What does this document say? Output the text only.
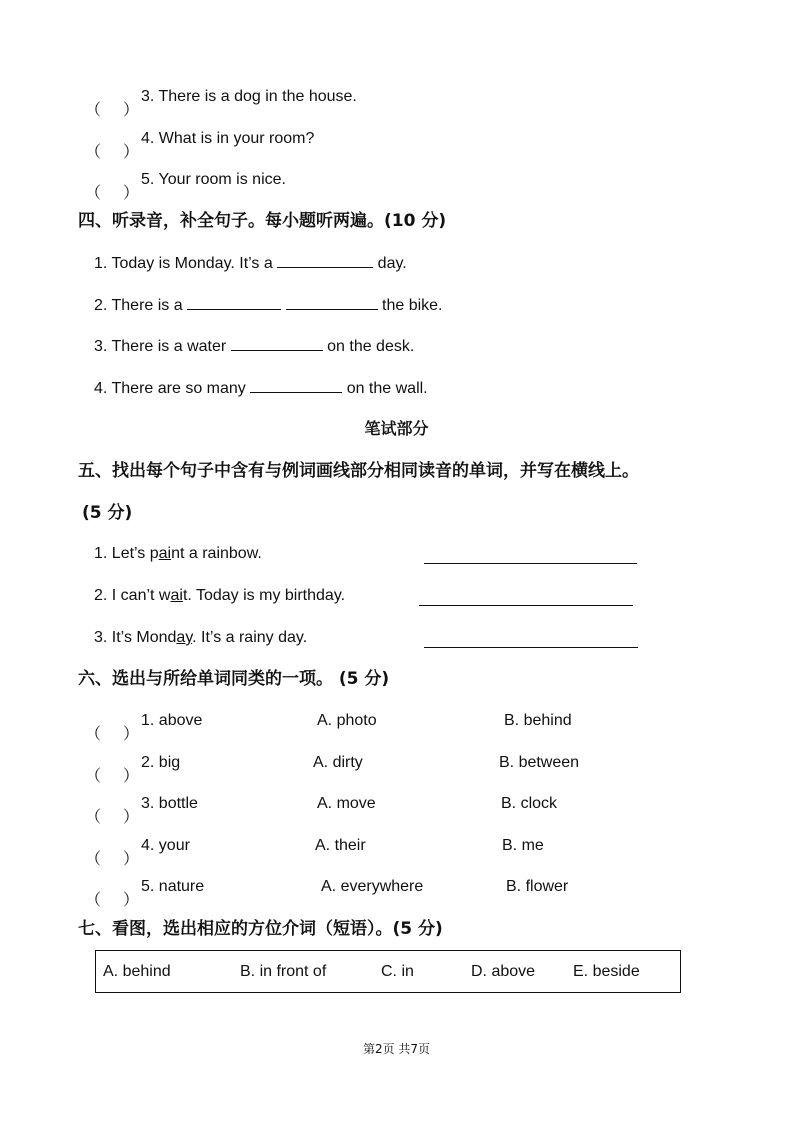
（ ）
3. There is a dog in the house.
（ ）
4. What is in your room?
（ ）
5. Your room is nice.
四、听录音，补全句子。每小题听两遍。(10 分)
1. Today is Monday. It’s a	day.
2. There is a	the bike.
3. There is a water	on the desk.
4. There are so many	on the wall.
笔试部分
五、找出每个句子中含有与例词画线部分相同读音的单词，并写在横线上。
(5 分)
1. Let’s paint a rainbow.
2. I can’t wait. Today is my birthday.
3. It’s Monday. It’s a rainy day.
六、选出与所给单词同类的一项。 (5 分)
（ ）
1. above	A. photo	B. behind
（ ）
2. big	A. dirty	B. between
（ ）
3. bottle	A. move	B. clock
（ ）
4. your	A. their	B. me
（ ）
5. nature	A. everywhere	B. flower
七、看图，选出相应的方位介词（短语）。(5 分)
A. behind	B. in front of	C. in	D. above E. beside
第2页 共7页
